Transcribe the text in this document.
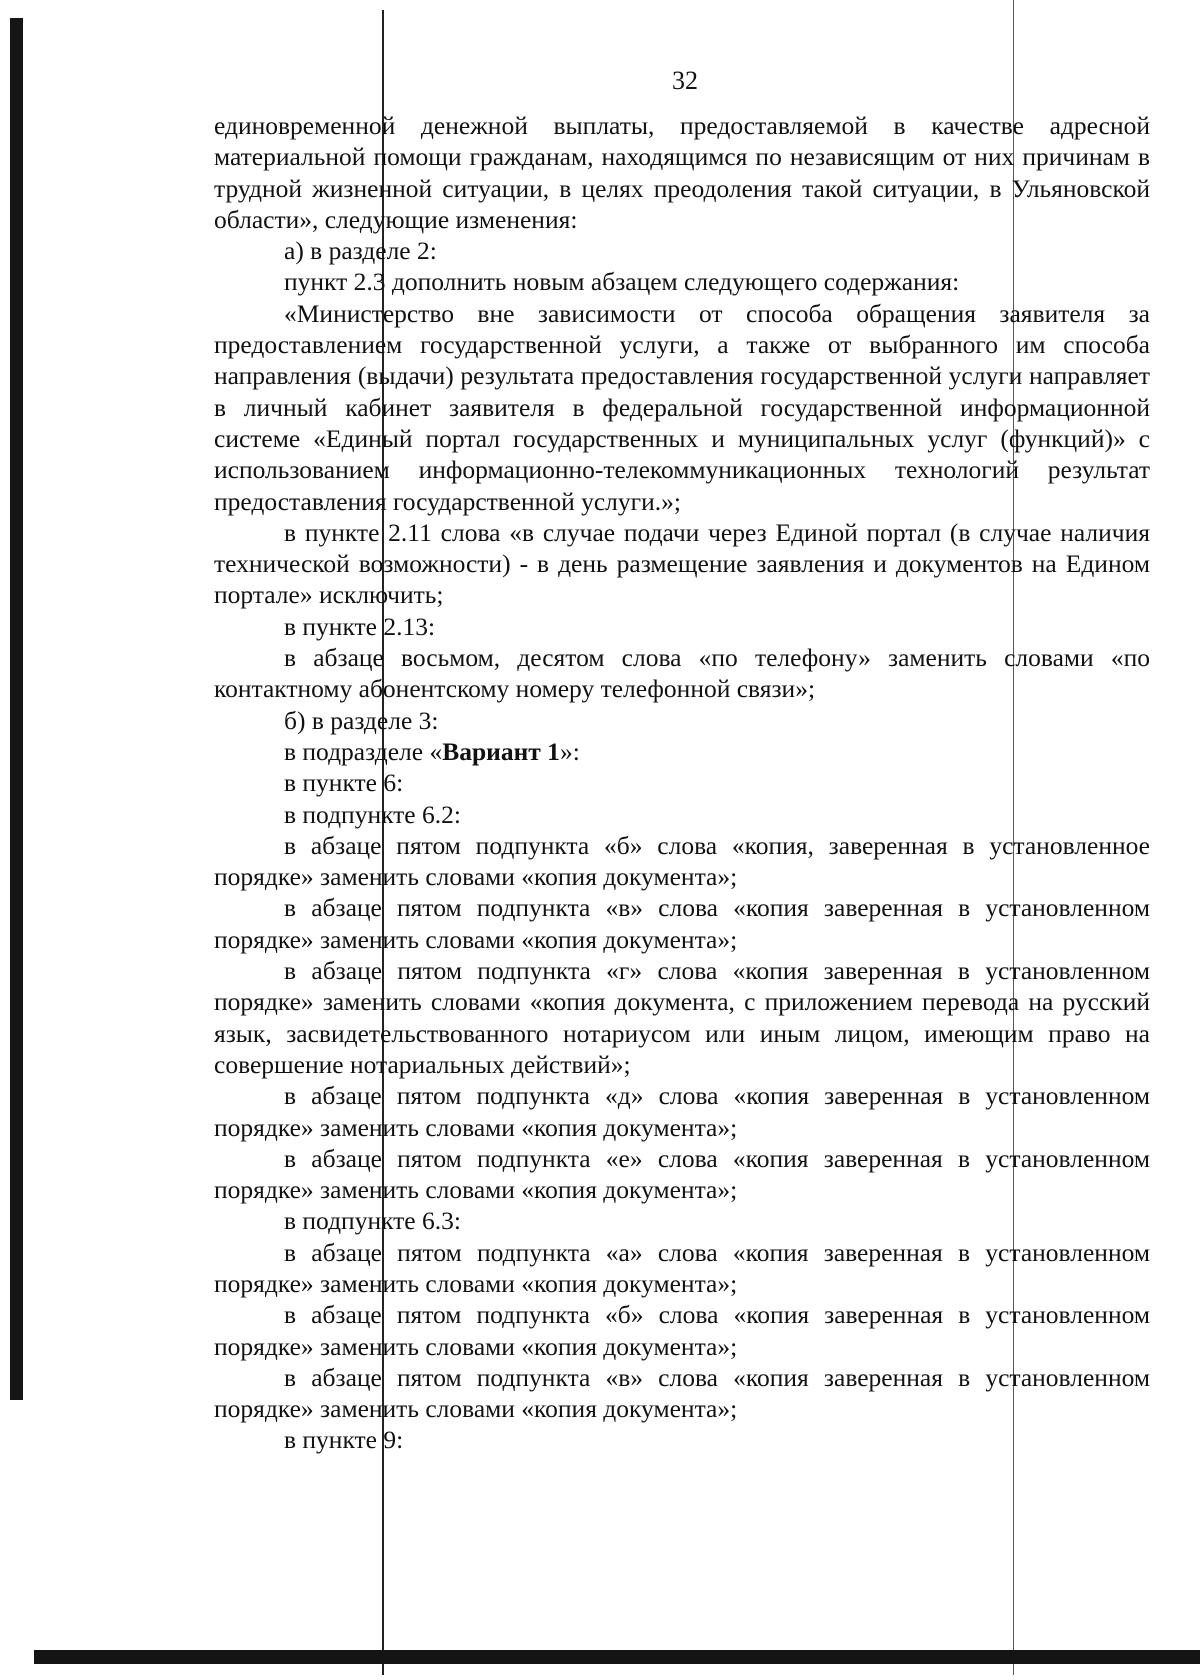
32

единовременной денежной выплаты, предоставляемой в качестве адресной материальной помощи гражданам, находящимся по независящим от них причинам в трудной жизненной ситуации, в целях преодоления такой ситуации, в Ульяновской области», следующие изменения:

а) в разделе 2:

пункт 2.3 дополнить новым абзацем следующего содержания:

«Министерство вне зависимости от способа обращения заявителя за предоставлением государственной услуги, а также от выбранного им способа направления (выдачи) результата предоставления государственной услуги направляет в личный кабинет заявителя в федеральной государственной информационной системе «Единый портал государственных и муниципальных услуг (функций)» с использованием информационно-телекоммуникационных технологий результат предоставления государственной услуги.»;

в пункте 2.11 слова «в случае подачи через Единой портал (в случае наличия технической возможности) - в день размещение заявления и документов на Едином портале» исключить;

в пункте 2.13:

в абзаце восьмом, десятом слова «по телефону» заменить словами «по контактному абонентскому номеру телефонной связи»;

б) в разделе 3:

в подразделе «Вариант 1»:

в пункте 6:

в подпункте 6.2:

в абзаце пятом подпункта «б» слова «копия, заверенная в установленное порядке» заменить словами «копия документа»;

в абзаце пятом подпункта «в» слова «копия заверенная в установленном порядке» заменить словами «копия документа»;

в абзаце пятом подпункта «г» слова «копия заверенная в установленном порядке» заменить словами «копия документа, с приложением перевода на русский язык, засвидетельствованного нотариусом или иным лицом, имеющим право на совершение нотариальных действий»;

в абзаце пятом подпункта «д» слова «копия заверенная в установленном порядке» заменить словами «копия документа»;

в абзаце пятом подпункта «е» слова «копия заверенная в установленном порядке» заменить словами «копия документа»;

в подпункте 6.3:

в абзаце пятом подпункта «а» слова «копия заверенная в установленном порядке» заменить словами «копия документа»;

в абзаце пятом подпункта «б» слова «копия заверенная в установленном порядке» заменить словами «копия документа»;

в абзаце пятом подпункта «в» слова «копия заверенная в установленном порядке» заменить словами «копия документа»;

в пункте 9:
